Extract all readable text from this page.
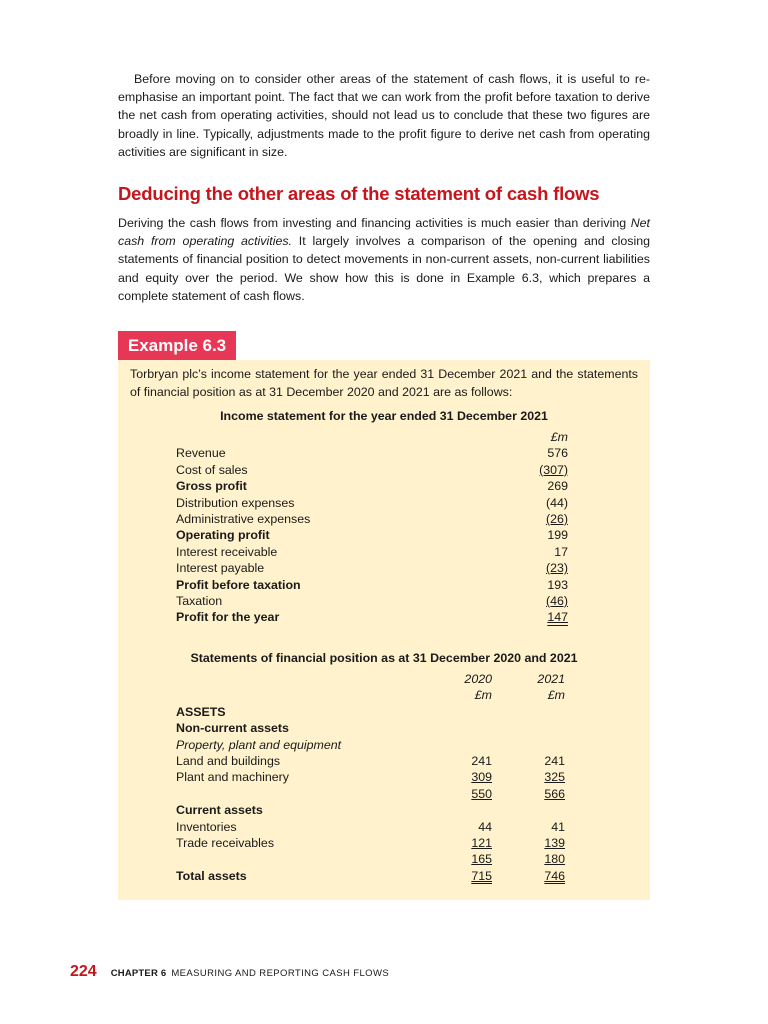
Before moving on to consider other areas of the statement of cash flows, it is useful to re-emphasise an important point. The fact that we can work from the profit before taxation to derive the net cash from operating activities, should not lead us to conclude that these two figures are broadly in line. Typically, adjustments made to the profit figure to derive net cash from operating activities are significant in size.

Deducing the other areas of the statement of cash flows

Deriving the cash flows from investing and financing activities is much easier than deriving Net cash from operating activities. It largely involves a comparison of the opening and closing statements of financial position to detect movements in non-current assets, non-current liabilities and equity over the period. We show how this is done in Example 6.3, which prepares a complete statement of cash flows.

Example 6.3

Torbryan plc’s income statement for the year ended 31 December 2021 and the statements of financial position as at 31 December 2020 and 2021 are as follows:

Income statement for the year ended 31 December 2021
£m
Revenue	576
Cost of sales	(307)
Gross profit	269
Distribution expenses	(44)
Administrative expenses	(26)
Operating profit	199
Interest receivable	17
Interest payable	(23)
Profit before taxation	193
Taxation	(46)
Profit for the year	147
Statements of financial position as at 31 December 2020 and 2021
2020	2021
£m	£m
ASSETS
Non-current assets
Property, plant and equipment
Land and buildings	241	241
Plant and machinery	309	325
550	566
Current assets
Inventories	44	41
Trade receivables	121	139
165	180
Total assets	715	746
224 CHAPTER 6 MEASURING AND REPORTING CASH FLOWS
